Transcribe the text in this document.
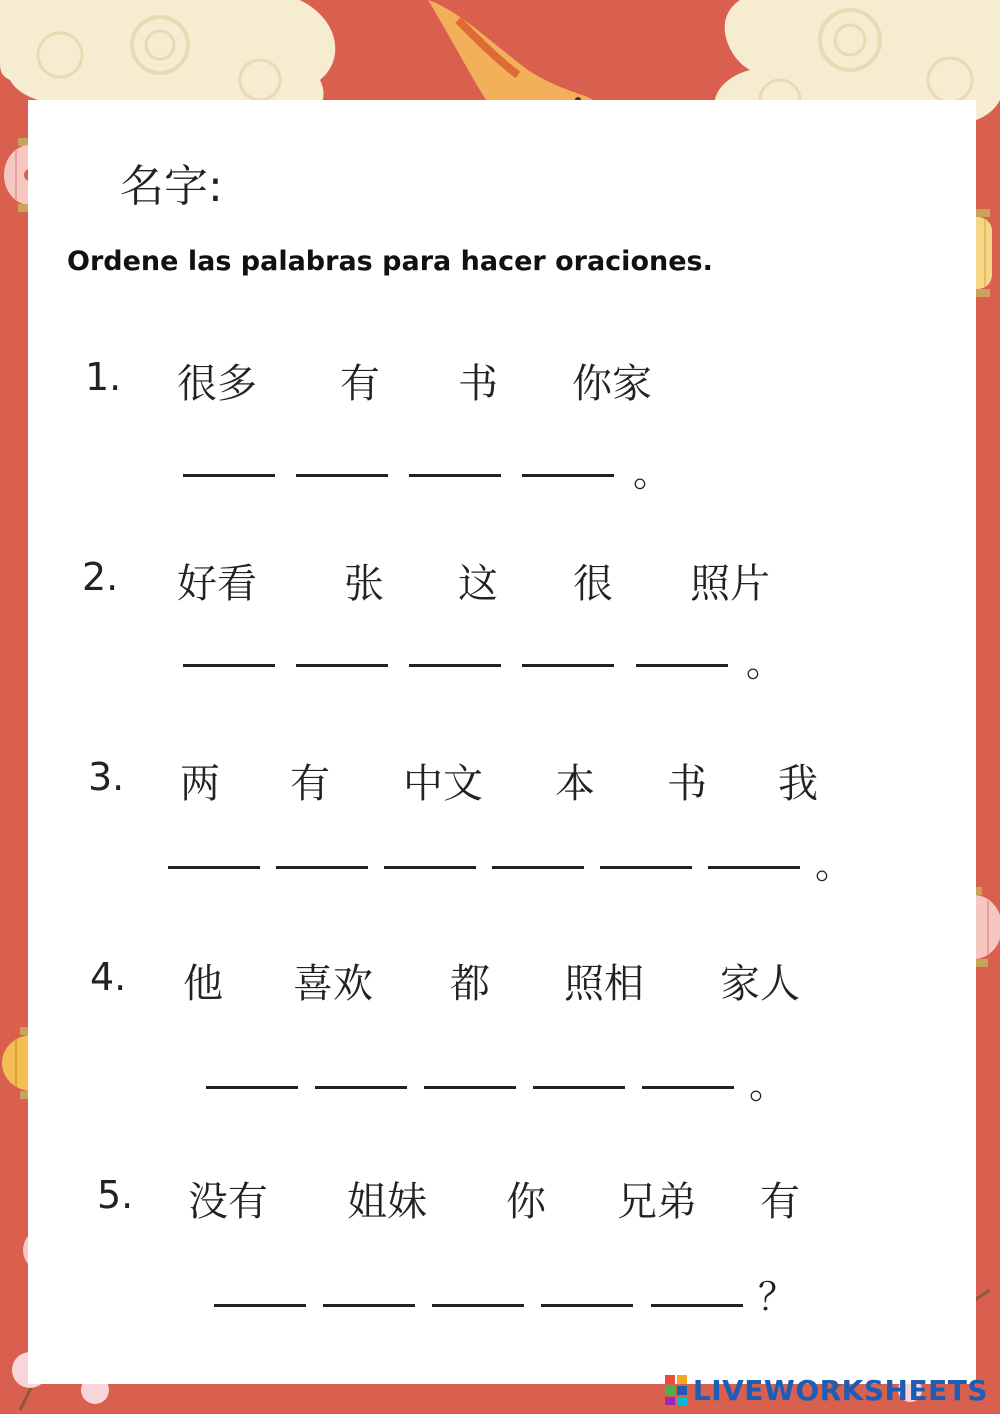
名字:

Ordene las palabras para hacer oraciones.

1. 很多 有 书 你家
。
2. 好看 张 这 很 照片
。
3. 两 有 中文 本 书 我
。
4. 他 喜欢 都 照相 家人
。
5. 没有 姐妹 你 兄弟 有
？
LIVEWORKSHEETS
